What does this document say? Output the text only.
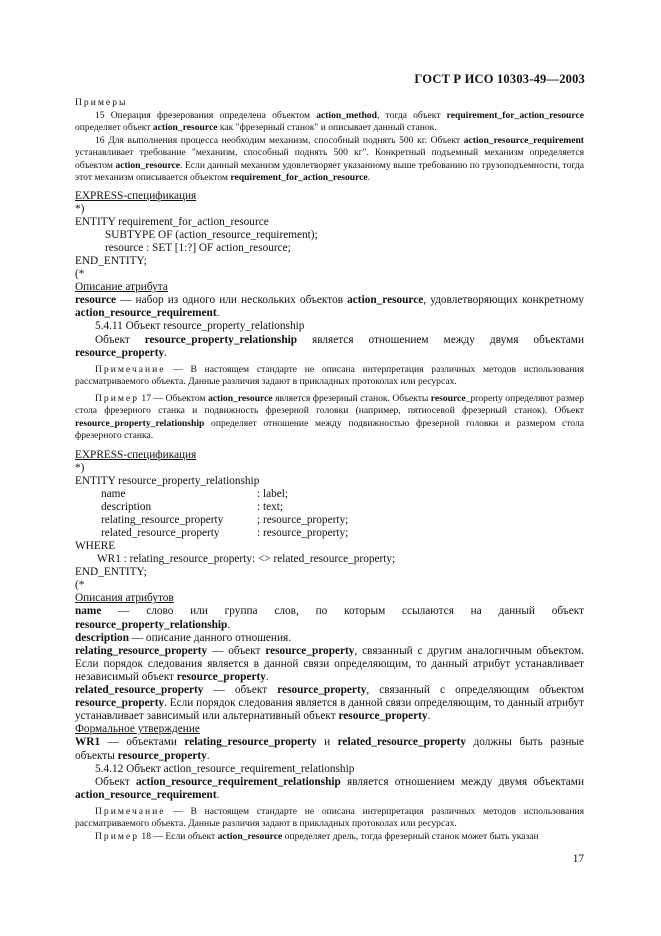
ГОСТ Р ИСО 10303-49—2003
Примеры
15 Операция фрезерования определена объектом action_method, тогда объект requirement_for_action_resource определяет объект action_resource как "фрезерный станок" и описывает данный станок.
16 Для выполнения процесса необходим механизм, способный поднять 500 кг. Объект action_resource_requirement устанавливает требование "механизм, способный поднять 500 кг". Конкретный подъемный механизм определяется объектом action_resource. Если данный механизм удовлетворяет указанному выше требованию по грузоподъемности, тогда этот механизм описывается объектом requirement_for_action_resource.
EXPRESS-спецификация
*)
ENTITY requirement_for_action_resource
SUBTYPE OF (action_resource_requirement);
resource : SET [1:?] OF action_resource;
END_ENTITY;
(*
Описание атрибута
resource — набор из одного или нескольких объектов action_resource, удовлетворяющих конкретному action_resource_requirement.
5.4.11 Объект resource_property_relationship
Объект resource_property_relationship является отношением между двумя объектами resource_property.
Примечание — В настоящем стандарте не описана интерпретация различных методов использования рассматриваемого объекта. Данные различия задают в прикладных протоколах или ресурсах.
Пример 17 — Объектом action_resource является фрезерный станок. Объекты resource_property определяют размер стола фрезерного станка и подвижность фрезерной головки (например, пятиосевой фрезерный станок). Объект resource_property_relationship определяет отношение между подвижностью фрезерной головки и размером стола фрезерного станка.
EXPRESS-спецификация
*)
ENTITY resource_property_relationship
name	: label;
description	: text;
relating_resource_property	; resource_property;
related_resource_property	: resource_property;
WHERE
WR1 : relating_resource_property: <> related_resource_property;
END_ENTITY;
(*
Описания атрибутов
name — слово или группа слов, по которым ссылаются на данный объект resource_property_relationship.
description — описание данного отношения.
relating_resource_property — объект resource_property, связанный с другим аналогичным объектом. Если порядок следования является в данной связи определяющим, то данный атрибут устанавливает независимый объект resource_property.
related_resource_property — объект resource_property, связанный с определяющим объектом resource_property. Если порядок следования является в данной связи определяющим, то данный атрибут устанавливает зависимый или альтернативный объект resource_property.
Формальное утверждение
WR1 — объектами relating_resource_property и related_resource_property должны быть разные объекты resource_property.
5.4.12 Объект action_resource_requirement_relationship
Объект action_resource_requirement_relationship является отношением между двумя объектами action_resource_requirement.
Примечание — В настоящем стандарте не описана интерпретация различных методов использования рассматриваемого объекта. Данные различия задают в прикладных протоколах или ресурсах.
Пример 18 — Если объект action_resource определяет дрель, тогда фрезерный станок может быть указан
17
